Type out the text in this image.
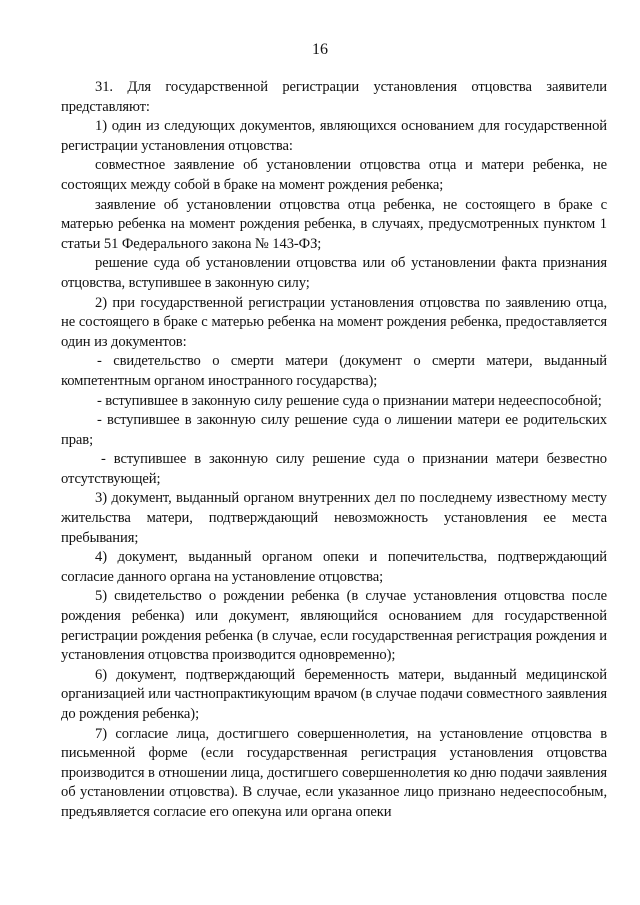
16

31. Для государственной регистрации установления отцовства заявители представляют:

1) один из следующих документов, являющихся основанием для государственной регистрации установления отцовства:

совместное заявление об установлении отцовства отца и матери ребенка, не состоящих между собой в браке на момент рождения ребенка;

заявление об установлении отцовства отца ребенка, не состоящего в браке с матерью ребенка на момент рождения ребенка, в случаях, предусмотренных пунктом 1 статьи 51 Федерального закона № 143-ФЗ;

решение суда об установлении отцовства или об установлении факта признания отцовства, вступившее в законную силу;

2) при государственной регистрации установления отцовства по заявлению отца, не состоящего в браке с матерью ребенка на момент рождения ребенка, предоставляется один из документов:

- свидетельство о смерти матери (документ о смерти матери, выданный компетентным органом иностранного государства);

- вступившее в законную силу решение суда о признании матери недееспособной;

- вступившее в законную силу решение суда о лишении матери ее родительских прав;

- вступившее в законную силу решение суда о признании матери безвестно отсутствующей;

3) документ, выданный органом внутренних дел по последнему известному месту жительства матери, подтверждающий невозможность установления ее места пребывания;

4) документ, выданный органом опеки и попечительства, подтверждающий согласие данного органа на установление отцовства;

5) свидетельство о рождении ребенка (в случае установления отцовства после рождения ребенка) или документ, являющийся основанием для государственной регистрации рождения ребенка (в случае, если государственная регистрация рождения и установления отцовства производится одновременно);

6) документ, подтверждающий беременность матери, выданный медицинской организацией или частнопрактикующим врачом (в случае подачи совместного заявления до рождения ребенка);

7) согласие лица, достигшего совершеннолетия, на установление отцовства в письменной форме (если государственная регистрация установления отцовства производится в отношении лица, достигшего совершеннолетия ко дню подачи заявления об установлении отцовства). В случае, если указанное лицо признано недееспособным, предъявляется согласие его опекуна или органа опеки
